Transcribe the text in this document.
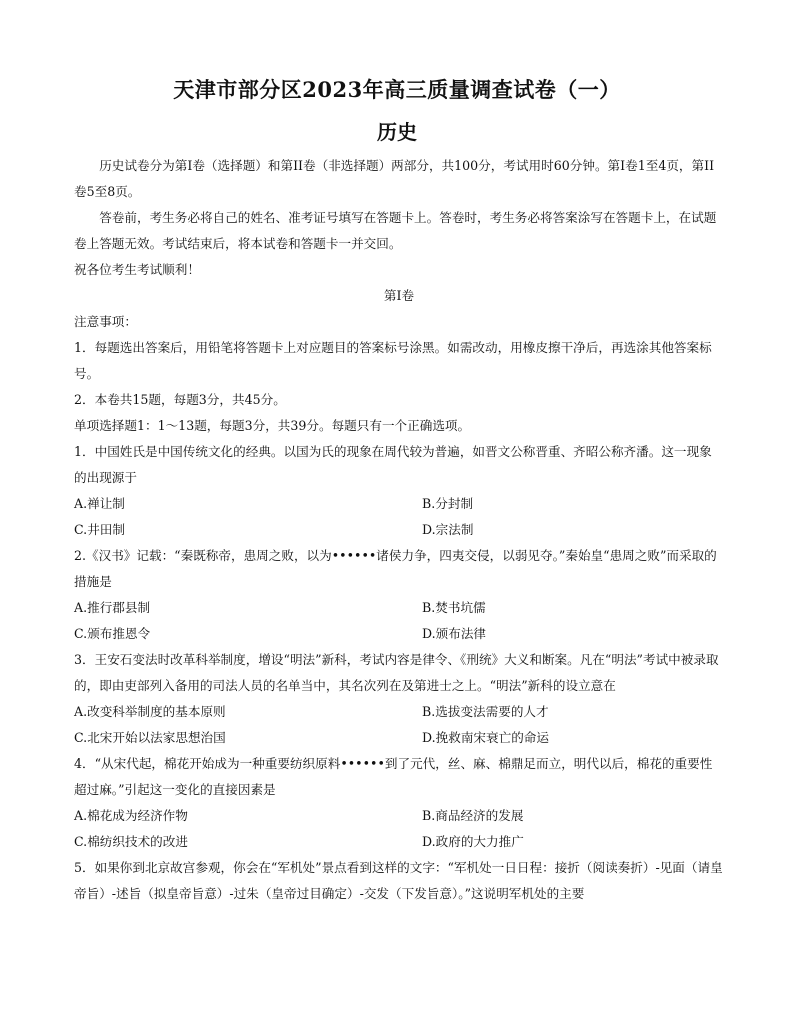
天津市部分区2023年高三质量调查试卷（一）
历史

历史试卷分为第I卷（选择题）和第II卷（非选择题）两部分，共100分，考试用时60分钟。第I卷1至4页，第II卷5至8页。

答卷前，考生务必将自己的姓名、准考证号填写在答题卡上。答卷时，考生务必将答案涂写在答题卡上，在试题卷上答题无效。考试结束后，将本试卷和答题卡一并交回。

祝各位考生考试顺利！

第I卷

注意事项：

1．每题选出答案后，用铅笔将答题卡上对应题目的答案标号涂黑。如需改动，用橡皮擦干净后，再选涂其他答案标号。

2．本卷共15题，每题3分，共45分。

单项选择题1：1～13题，每题3分，共39分。每题只有一个正确选项。

1．中国姓氏是中国传统文化的经典。以国为氏的现象在周代较为普遍，如晋文公称晋重、齐昭公称齐潘。这一现象的出现源于

A.禅让制	B.分封制
C.井田制	D.宗法制

2.《汉书》记载：“秦既称帝，患周之败，以为••••••诸侯力争，四夷交侵，以弱见夺。”秦始皇“患周之败”而采取的措施是

A.推行郡县制	B.焚书坑儒
C.颁布推恩令	D.颁布法律

3．王安石变法时改革科举制度，增设“明法”新科，考试内容是律令、《刑统》大义和断案。凡在“明法”考试中被录取的，即由吏部列入备用的司法人员的名单当中，其名次列在及第进士之上。“明法”新科的设立意在

A.改变科举制度的基本原则	B.选拔变法需要的人才
C.北宋开始以法家思想治国	D.挽救南宋衰亡的命运

4．“从宋代起，棉花开始成为一种重要纺织原料••••••到了元代，丝、麻、棉鼎足而立，明代以后，棉花的重要性超过麻。”引起这一变化的直接因素是

A.棉花成为经济作物	B.商品经济的发展
C.棉纺织技术的改进	D.政府的大力推广

5．如果你到北京故宫参观，你会在“军机处”景点看到这样的文字：“军机处一日日程：接折（阅读奏折）-见面（请皇帝旨）-述旨（拟皇帝旨意）-过朱（皇帝过目确定）-交发（下发旨意）。”这说明军机处的主要
